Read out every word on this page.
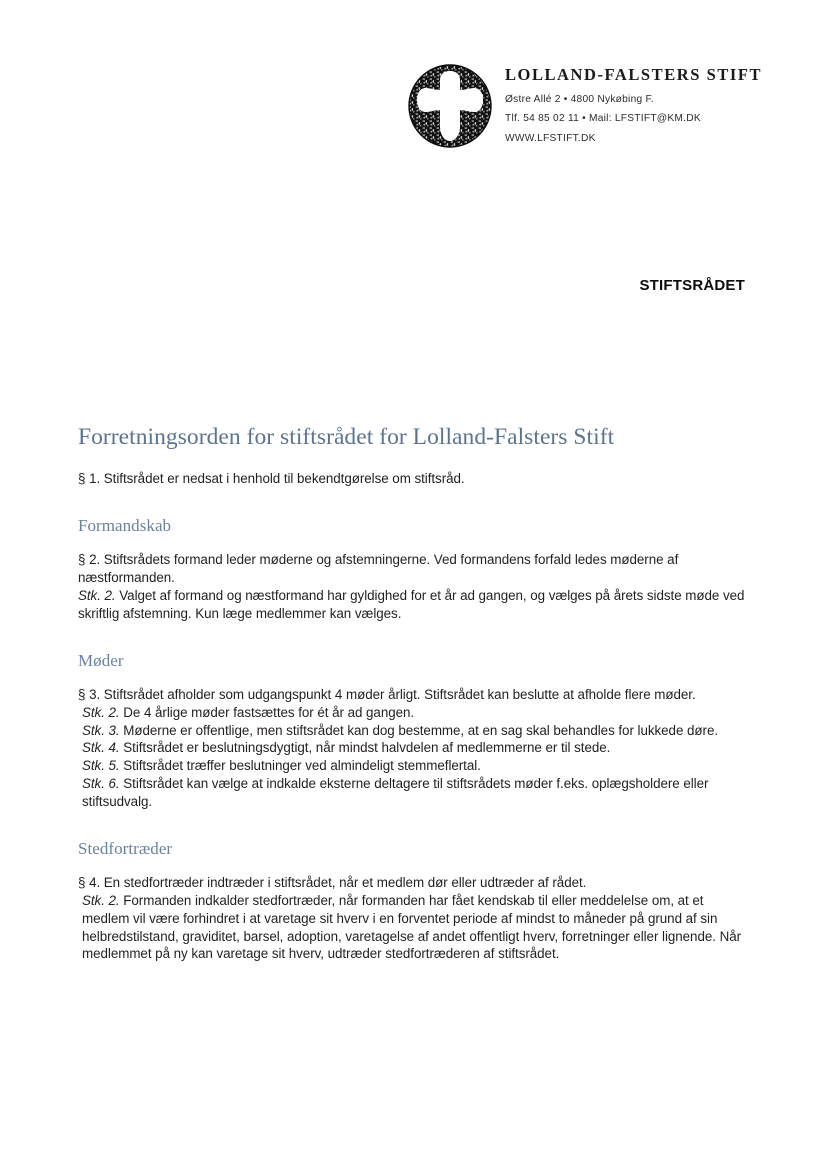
LOLLAND-FALSTERS STIFT
Østre Allé 2 • 4800 Nykøbing F.
Tlf. 54 85 02 11 • Mail: LFSTIFT@KM.DK
WWW.LFSTIFT.DK
STIFTSRÅDET
Forretningsorden for stiftsrådet for Lolland-Falsters Stift

§ 1. Stiftsrådet er nedsat i henhold til bekendtgørelse om stiftsråd.

Formandskab

§ 2. Stiftsrådets formand leder møderne og afstemningerne. Ved formandens forfald ledes møderne af næstformanden.

Stk. 2. Valget af formand og næstformand har gyldighed for et år ad gangen, og vælges på årets sidste møde ved skriftlig afstemning. Kun læge medlemmer kan vælges.

Møder

§ 3. Stiftsrådet afholder som udgangspunkt 4 møder årligt. Stiftsrådet kan beslutte at afholde flere møder.

Stk. 2. De 4 årlige møder fastsættes for ét år ad gangen.

Stk. 3. Møderne er offentlige, men stiftsrådet kan dog bestemme, at en sag skal behandles for lukkede døre.

Stk. 4. Stiftsrådet er beslutningsdygtigt, når mindst halvdelen af medlemmerne er til stede.

Stk. 5. Stiftsrådet træffer beslutninger ved almindeligt stemmeflertal.

Stk. 6. Stiftsrådet kan vælge at indkalde eksterne deltagere til stiftsrådets møder f.eks. oplægsholdere eller stiftsudvalg.

Stedfortræder

§ 4. En stedfortræder indtræder i stiftsrådet, når et medlem dør eller udtræder af rådet.

Stk. 2. Formanden indkalder stedfortræder, når formanden har fået kendskab til eller meddelelse om, at et medlem vil være forhindret i at varetage sit hverv i en forventet periode af mindst to måneder på grund af sin helbredstilstand, graviditet, barsel, adoption, varetagelse af andet offentligt hverv, forretninger eller lignende. Når medlemmet på ny kan varetage sit hverv, udtræder stedfortræderen af stiftsrådet.
